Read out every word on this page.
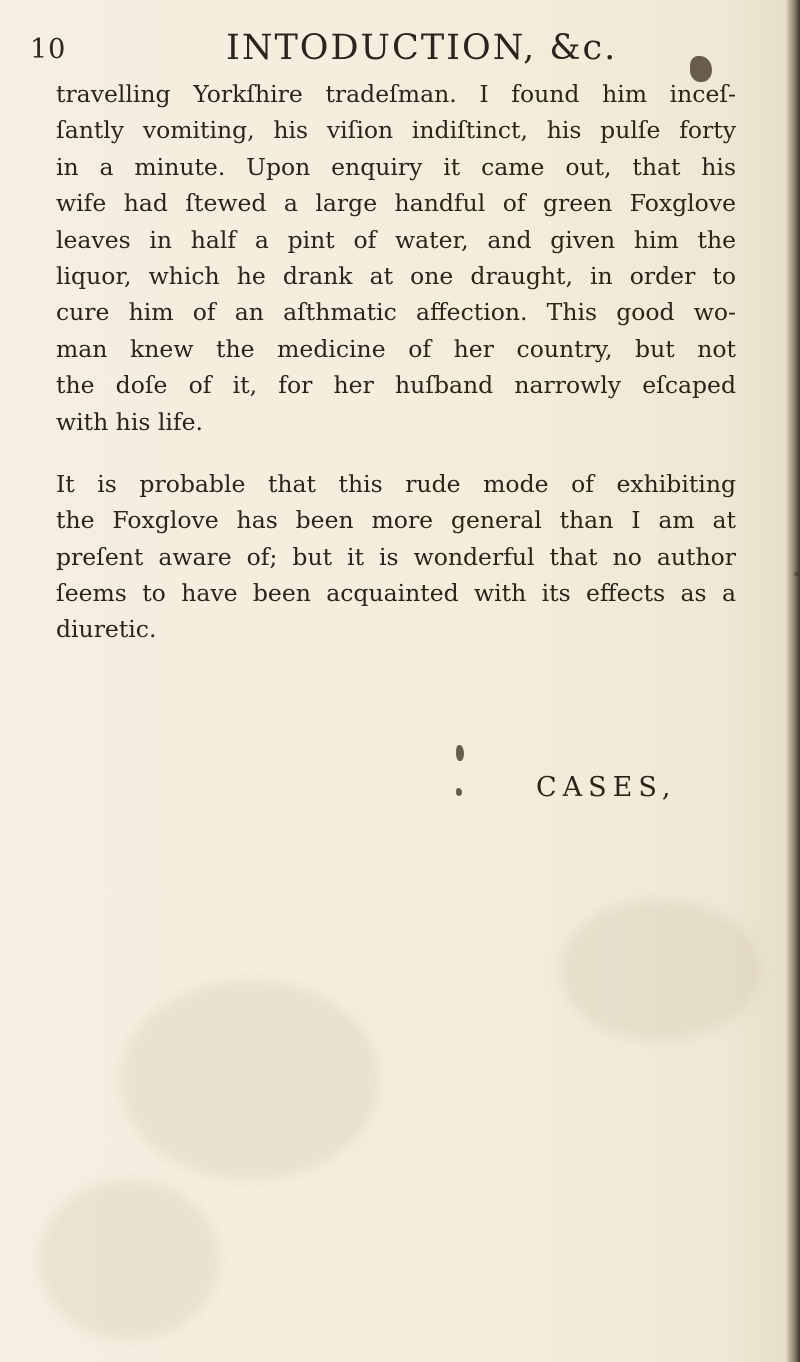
10	INTODUCTION, &c.
travelling Yorkſhire tradeſman. I found him inceſ-
ſantly vomiting, his viſion indiſtinct, his pulſe forty
in a minute. Upon enquiry it came out, that his
wife had ſtewed a large handful of green Foxglove
leaves in half a pint of water, and given him the
liquor, which he drank at one draught, in order to
cure him of an aſthmatic affection. This good wo-
man knew the medicine of her country, but not
the doſe of it, for her huſband narrowly eſcaped
with his life.
It is probable that this rude mode of exhibiting
the Foxglove has been more general than I am at
preſent aware of; but it is wonderful that no author
ſeems to have been acquainted with its effects as a
diuretic.
CASES,
